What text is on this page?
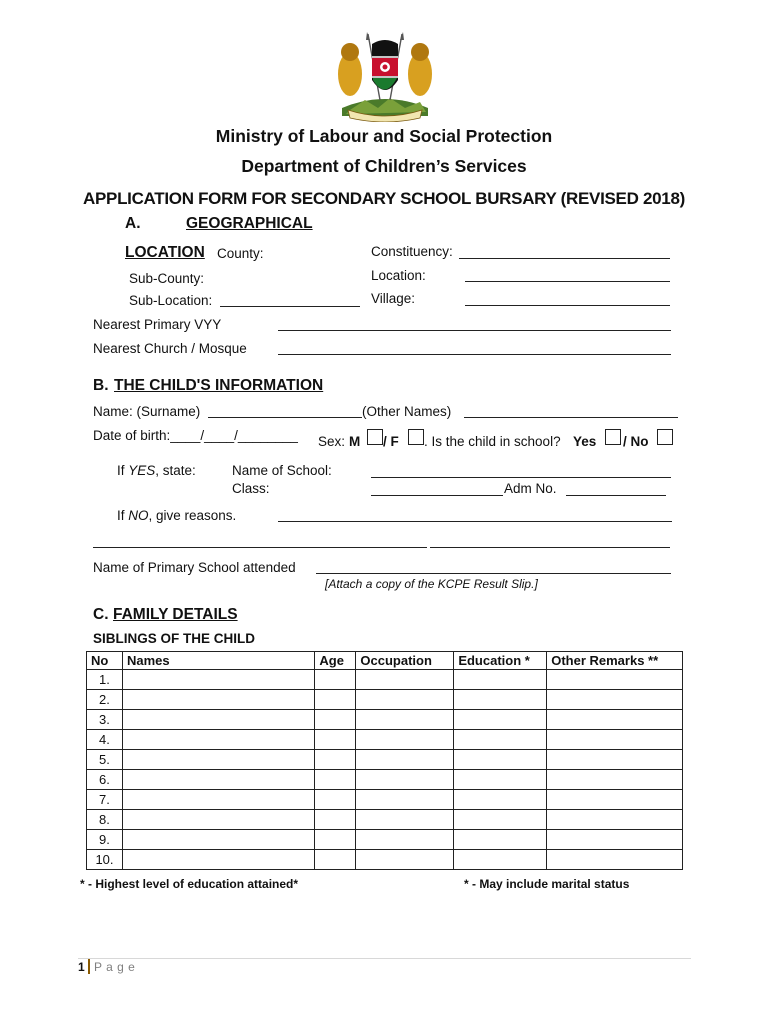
Ministry of Labour and Social Protection
Department of Children’s Services
APPLICATION FORM FOR SECONDARY SCHOOL BURSARY (REVISED 2018)
A.	GEOGRAPHICAL
LOCATION County:	Constituency:
Sub-County:	Location:
Sub-Location:	Village:
Nearest Primary VYY
Nearest Church / Mosque
B. THE CHILD'S INFORMATION
Name: (Surname)	(Other Names)
Date of birth:____/____/________ Sex: M / F . Is the child in school? Yes / No
If YES, state:	Name of School:
Class:	Adm No.
If NO, give reasons.
Name of Primary School attended
[Attach a copy of the KCPE Result Slip.]
C. FAMILY DETAILS
SIBLINGS OF THE CHILD
No	Names	Age	Occupation	Education *	Other Remarks **
1.					
2.					
3.					
4.					
5.					
6.					
7.					
8.					
9.					
10.					
* - Highest level of education attained*	* - May include marital status
1 P a g e
